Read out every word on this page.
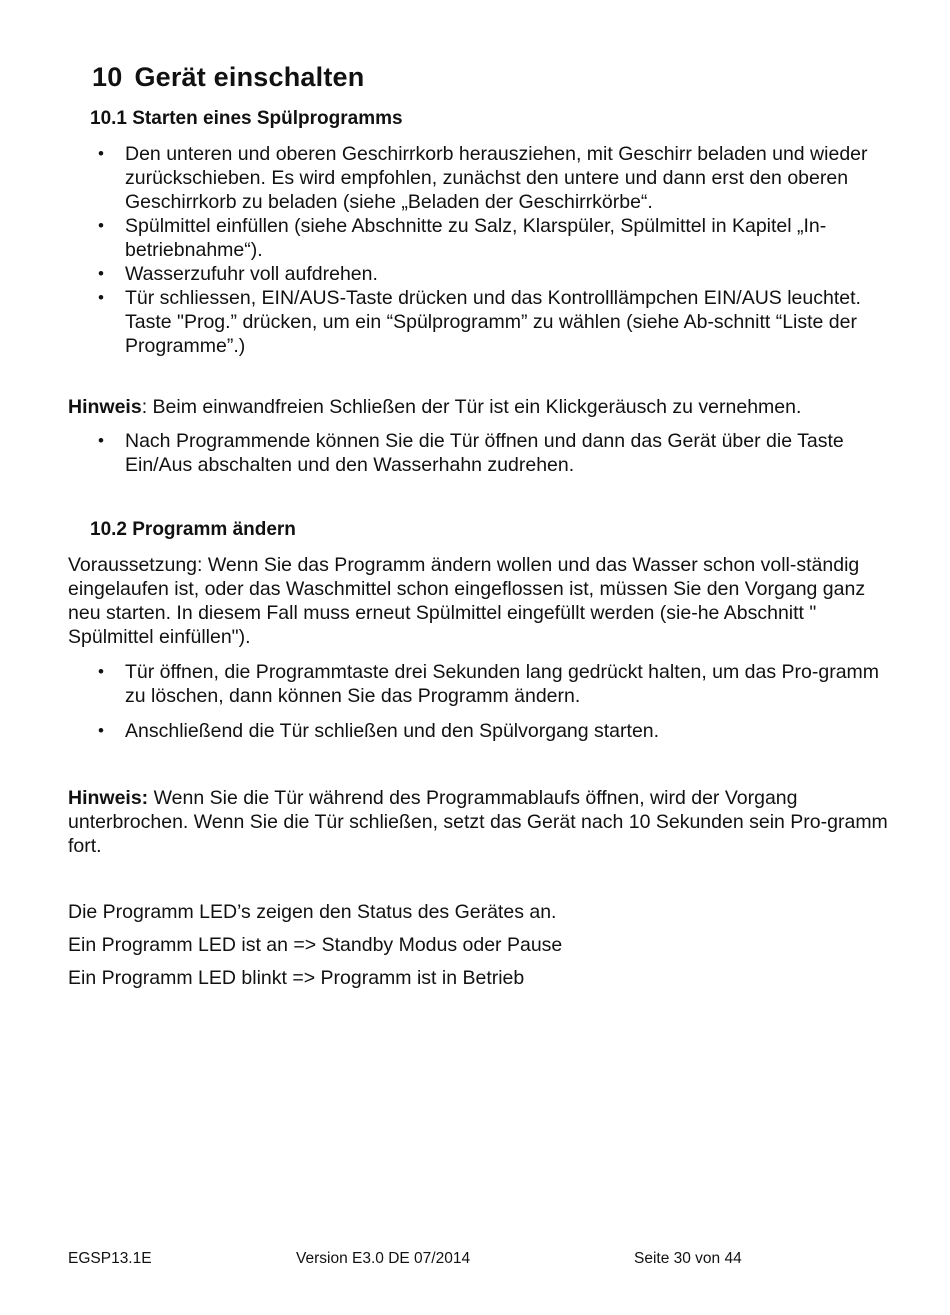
10 Gerät einschalten
10.1 Starten eines Spülprogramms
• Den unteren und oberen Geschirrkorb herausziehen, mit Geschirr beladen und wieder zurückschieben. Es wird empfohlen, zunächst den untere und dann erst den oberen Geschirrkorb zu beladen (siehe „Beladen der Geschirrkörbe“.
• Spülmittel einfüllen (siehe Abschnitte zu Salz, Klarspüler, Spülmittel in Kapitel „In-betriebnahme“).
• Wasserzufuhr voll aufdrehen.
• Tür schliessen, EIN/AUS-Taste drücken und das Kontrolllämpchen EIN/AUS leuchtet. Taste "Prog.” drücken, um ein “Spülprogramm” zu wählen (siehe Ab-schnitt “Liste der Programme”.)

Hinweis: Beim einwandfreien Schließen der Tür ist ein Klickgeräusch zu vernehmen.

• Nach Programmende können Sie die Tür öffnen und dann das Gerät über die Taste Ein/Aus abschalten und den Wasserhahn zudrehen.
10.2 Programm ändern

Voraussetzung: Wenn Sie das Programm ändern wollen und das Wasser schon voll-ständig eingelaufen ist, oder das Waschmittel schon eingeflossen ist, müssen Sie den Vorgang ganz neu starten. In diesem Fall muss erneut Spülmittel eingefüllt werden (sie-he Abschnitt " Spülmittel einfüllen").

• Tür öffnen, die Programmtaste drei Sekunden lang gedrückt halten, um das Pro-gramm zu löschen, dann können Sie das Programm ändern.
• Anschließend die Tür schließen und den Spülvorgang starten.

Hinweis: Wenn Sie die Tür während des Programmablaufs öffnen, wird der Vorgang unterbrochen. Wenn Sie die Tür schließen, setzt das Gerät nach 10 Sekunden sein Pro-gramm fort.

Die Programm LED’s zeigen den Status des Gerätes an.

Ein Programm LED ist an => Standby Modus oder Pause

Ein Programm LED blinkt => Programm ist in Betrieb

EGSP13.1E	Version E3.0 DE 07/2014	Seite 30 von 44
